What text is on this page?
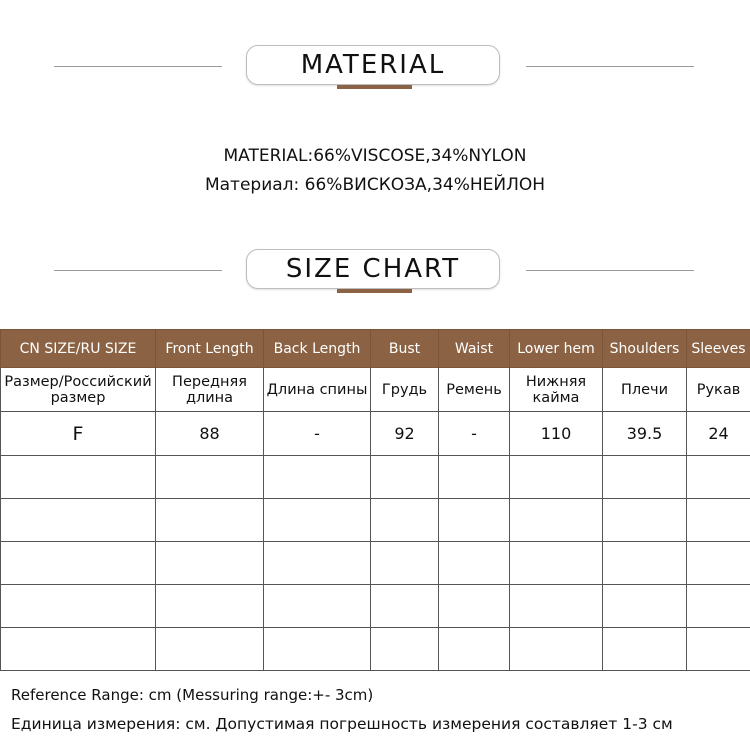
MATERIAL
MATERIAL:66%VISCOSE,34%NYLON
Материал: 66%ВИСКОЗА,34%НЕЙЛОН
SIZE CHART
CN SIZE/RU SIZE	Front Length	Back Length	Bust	Waist	Lower hem	Shoulders	Sleeves
Размер/Российский размер	Передняя длина	Длина спины	Грудь	Ремень	Нижняя кайма	Плечи	Рукав
F	88	-	92	-	110	39.5	24

Reference Range: cm (Messuring range:+- 3cm)
Единица измерения: см. Допустимая погрешность измерения составляет 1-3 см
